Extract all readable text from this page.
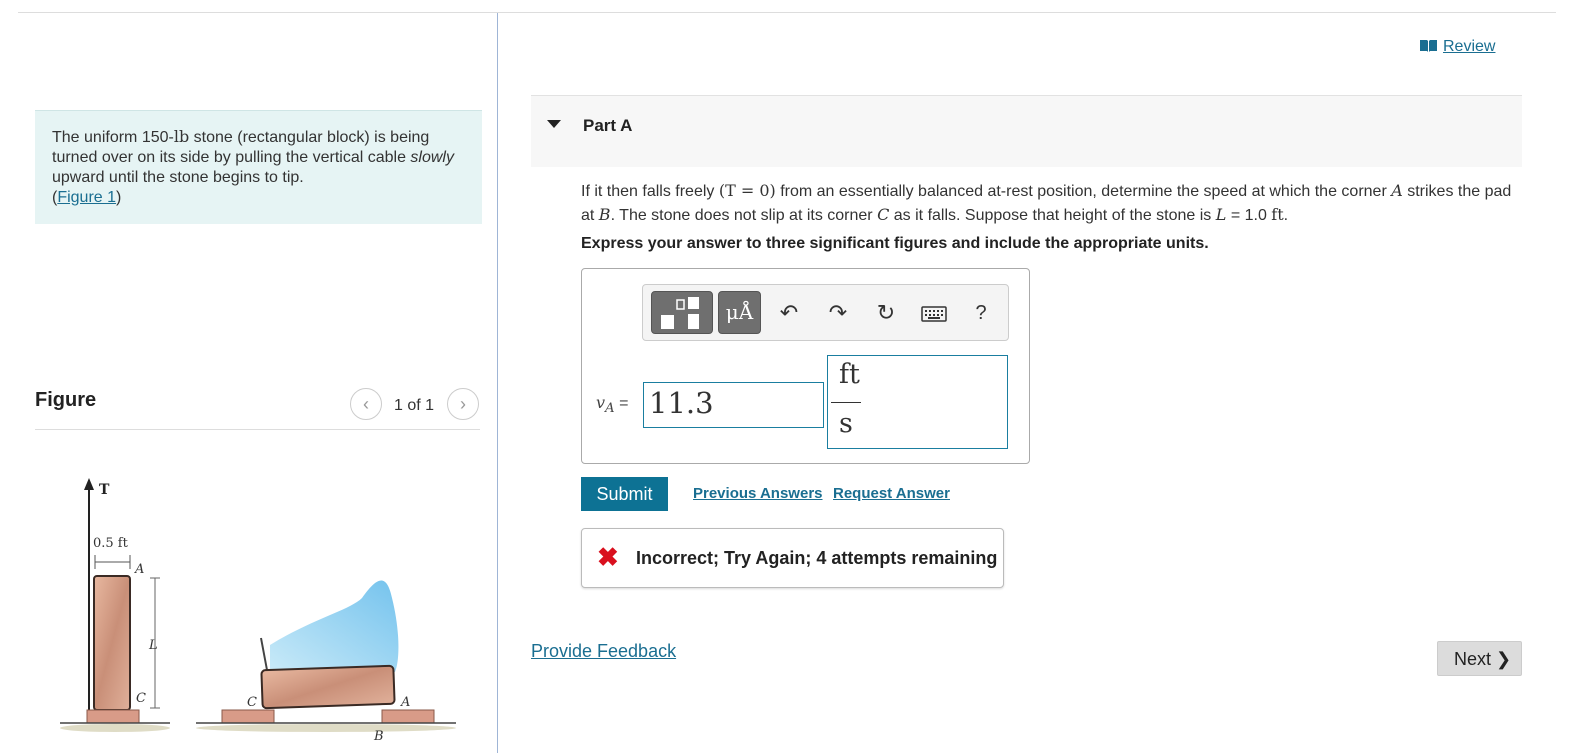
The uniform 150-lb stone (rectangular block) is being turned over on its side by pulling the vertical cable slowly upward until the stone begins to tip.
(Figure 1)
Figure	‹	1 of 1	›
T
0.5 ft
A
L
C	C	A
B
Review
Part A
If it then falls freely (T = 0) from an essentially balanced at-rest position, determine the speed at which the corner A strikes the pad at B. The stone does not slip at its corner C as it falls. Suppose that height of the stone is L = 1.0 ft.
Express your answer to three significant figures and include the appropriate units.
μÅ	↶	↷	↻	?
$v_A = 11.3$
ft
s
Submit	Previous Answers Request Answer
✖ Incorrect; Try Again; 4 attempts remaining
Provide Feedback	Next ❯
